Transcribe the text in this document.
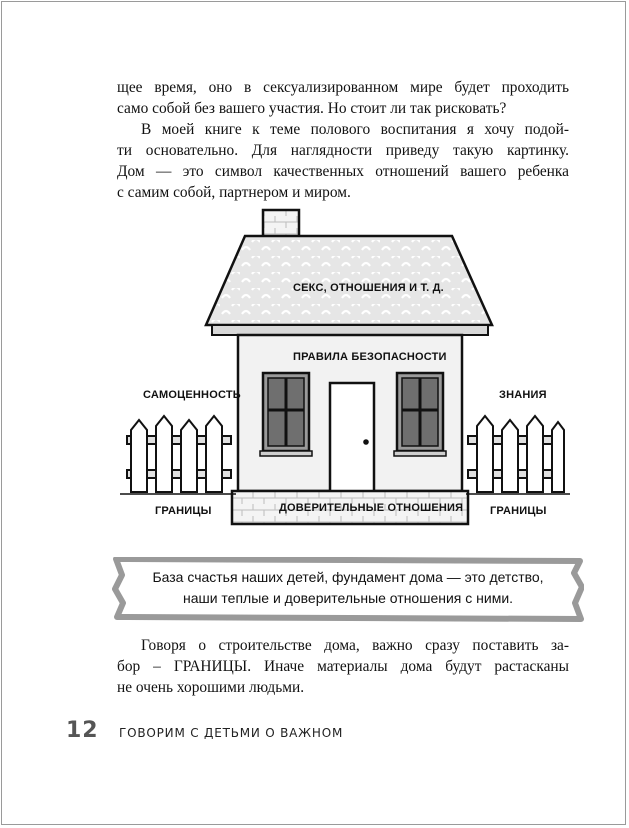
щее время, оно в сексуализированном мире будет проходить
само собой без вашего участия. Но стоит ли так рисковать?
В моей книге к теме полового воспитания я хочу подой-
ти основательно. Для наглядности приведу такую картинку.
Дом — это символ качественных отношений вашего ребенка
с самим собой, партнером и миром.
СЕКС, ОТНОШЕНИЯ И Т. Д.
ПРАВИЛА БЕЗОПАСНОСТИ
САМОЦЕННОСТЬ	ЗНАНИЯ
ГРАНИЦЫ	ГРАНИЦЫ
ДОВЕРИТЕЛЬНЫЕ ОТНОШЕНИЯ
База счастья наших детей, фундамент дома — это детство,
наши теплые и доверительные отношения с ними.
Говоря о строительстве дома, важно сразу поставить за-
бор – ГРАНИЦЫ. Иначе материалы дома будут растасканы
не очень хорошими людьми.
12 ГОВОРИМ С ДЕТЬМИ О ВАЖНОМ
